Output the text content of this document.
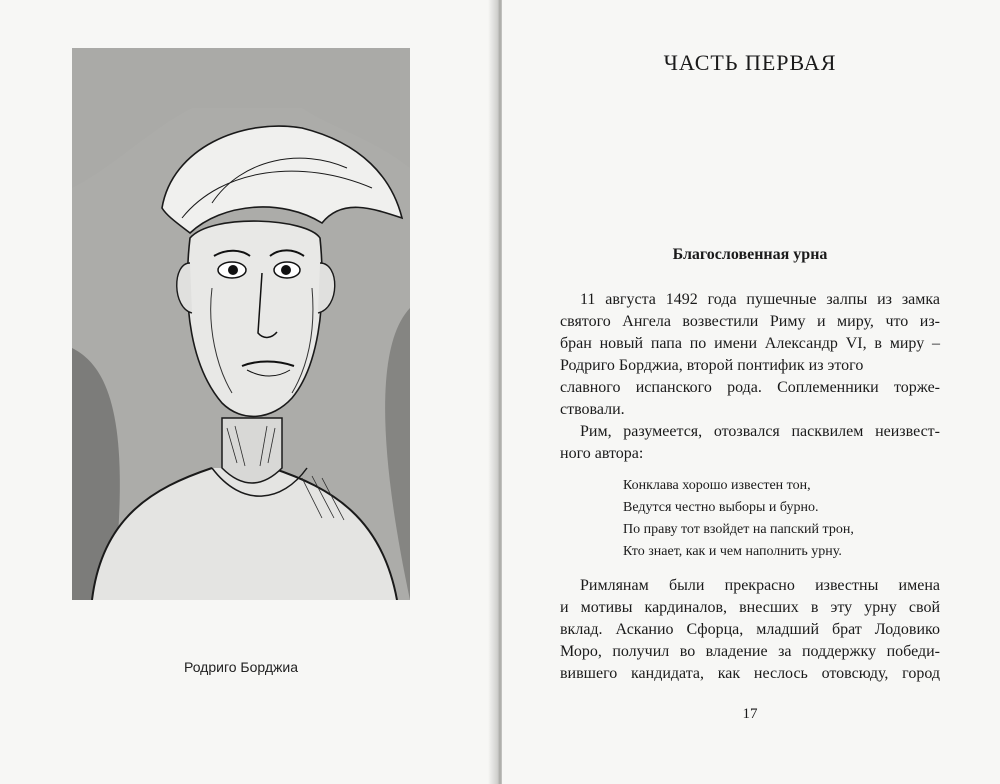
Родриго Борджиа
ЧАСТЬ ПЕРВАЯ
Благословенная урна
11 августа 1492 года пушечные залпы из замка
святого Ангела возвестили Риму и миру, что из-
бран новый папа по имени Александр VI, в миру –
Родриго Борджиа, второй понтифик из этого
славного испанского рода. Соплеменники торже-
ствовали.
Рим, разумеется, отозвался пасквилем неизвест-
ного автора:
Конклава хорошо известен тон,
Ведутся честно выборы и бурно.
По праву тот взойдет на папский трон,
Кто знает, как и чем наполнить урну.
Римлянам были прекрасно известны имена
и мотивы кардиналов, внесших в эту урну свой
вклад. Асканио Сфорца, младший брат Лодовико
Моро, получил во владение за поддержку победи-
вившего кандидата, как неслось отовсюду, город
17
